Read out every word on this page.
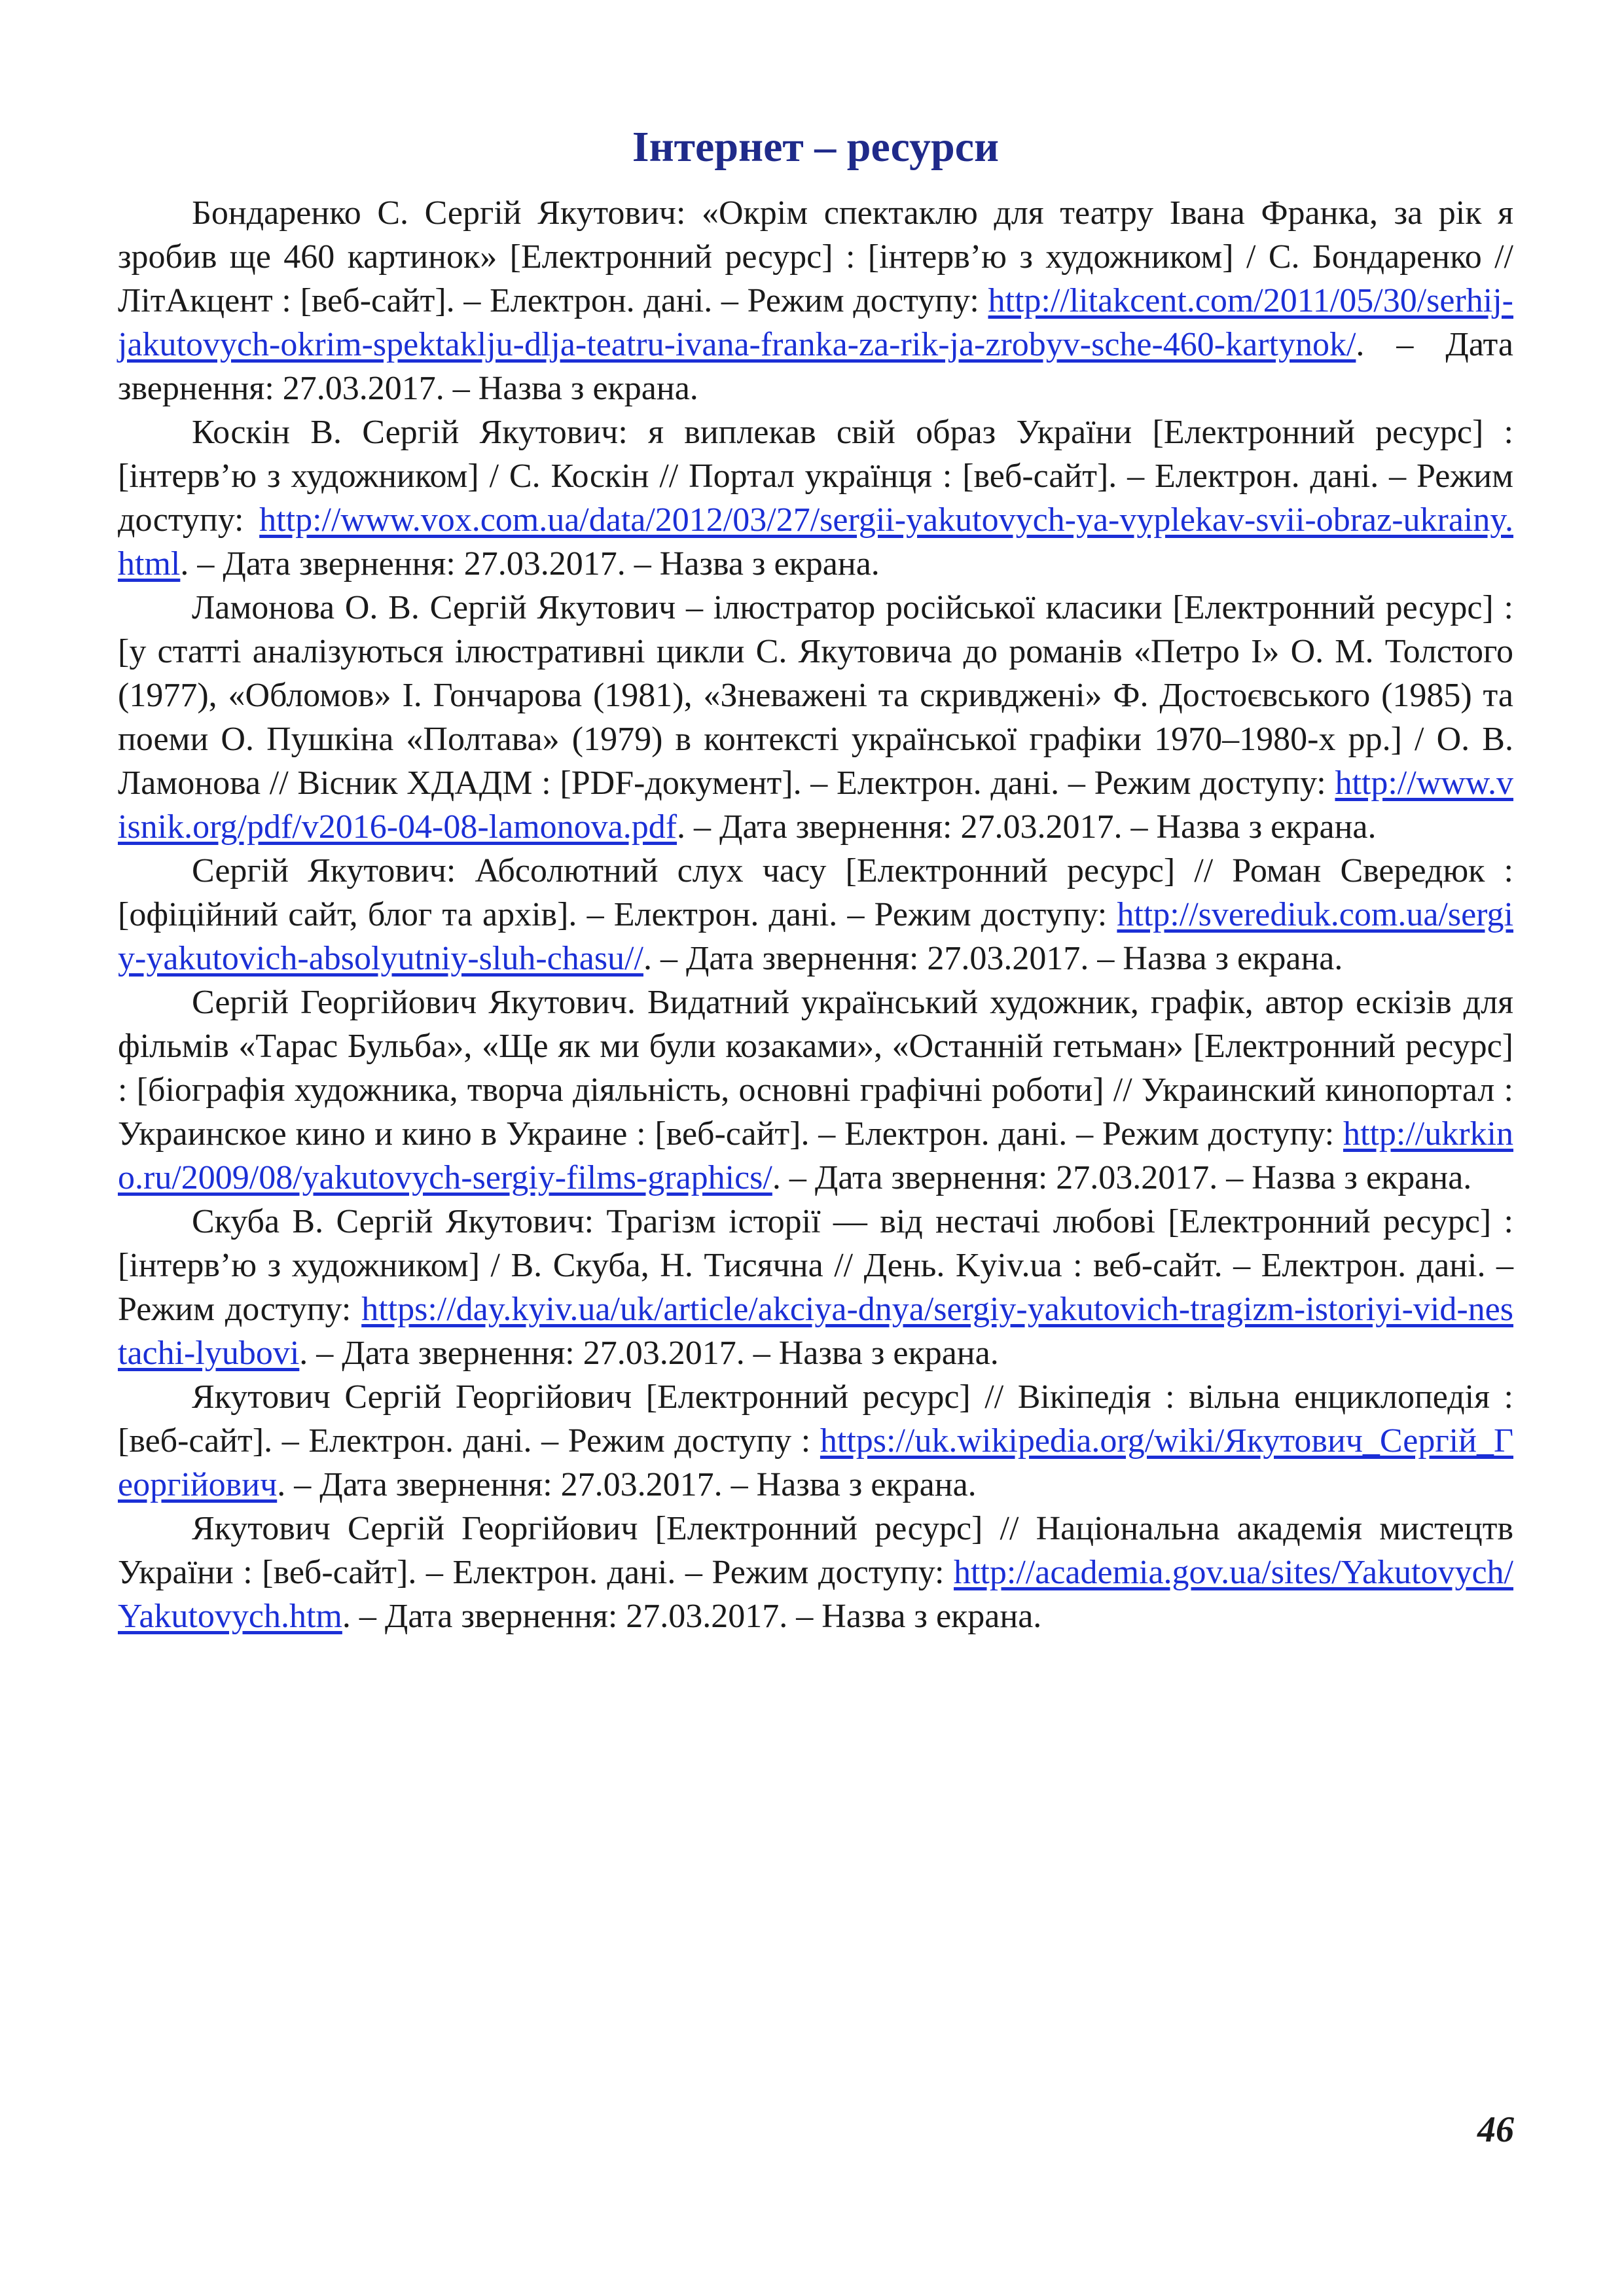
Інтернет – ресурси

Бондаренко С. Сергій Якутович: «Окрім спектаклю для театру Івана Франка, за рік я зробив ще 460 картинок» [Електронний ресурс] : [інтерв’ю з художником] / С. Бондаренко // ЛітАкцент : [веб-сайт]. – Електрон. дані. – Режим доступу: http://litakcent.com/2011/05/30/serhij-jakutovych-okrim-spektaklju-dlja-teatru-ivana-franka-za-rik-ja-zrobyv-sche-460-kartynok/. – Дата звернення: 27.03.2017. – Назва з екрана.

Коскін В. Сергій Якутович: я виплекав свій образ України [Електронний ресурс] : [інтерв’ю з художником] / С. Коскін // Портал українця : [веб-сайт]. – Електрон. дані. – Режим доступу: http://www.vox.com.ua/data/2012/03/27/sergii-yakutovych-ya-vyplekav-svii-obraz-ukrainy.html. – Дата звернення: 27.03.2017. – Назва з екрана.

Ламонова О. В. Сергій Якутович – ілюстратор російської класики [Електронний ресурс] : [у статті аналізуються ілюстративні цикли С. Якутовича до романів «Петро І» О. М. Толстого (1977), «Обломов» І. Гончарова (1981), «Зневажені та скривджені» Ф. Достоєвського (1985) та поеми О. Пушкіна «Полтава» (1979) в контексті української графіки 1970–1980-х рр.] / О. В. Ламонова // Вісник ХДАДМ : [PDF-документ]. – Електрон. дані. – Режим доступу: http://www.visnik.org/pdf/v2016-04-08-lamonova.pdf. – Дата звернення: 27.03.2017. – Назва з екрана.

Сергій Якутович: Абсолютний слух часу [Електронний ресурс] // Роман Свередюк : [офіційний сайт, блог та архів]. – Електрон. дані. – Режим доступу: http://sverediuk.com.ua/sergiy-yakutovich-absolyutniy-sluh-chasu//. – Дата звернення: 27.03.2017. – Назва з екрана.

Сергій Георгійович Якутович. Видатний український художник, графік, автор ескізів для фільмів «Тарас Бульба», «Ще як ми були козаками», «Останній гетьман» [Електронний ресурс] : [біографія художника, творча діяльність, основні графічні роботи] // Украинский кинопортал : Украинское кино и кино в Украине : [веб-сайт]. – Електрон. дані. – Режим доступу: http://ukrkino.ru/2009/08/yakutovych-sergiy-films-graphics/. – Дата звернення: 27.03.2017. – Назва з екрана.

Скуба В. Сергій Якутович: Трагізм історії — від нестачі любові [Електронний ресурс] : [інтерв’ю з художником] / В. Скуба, Н. Тисячна // День. Kyiv.ua : веб-сайт. – Електрон. дані. – Режим доступу: https://day.kyiv.ua/uk/article/akciya-dnya/sergiy-yakutovich-tragizm-istoriyi-vid-nestachi-lyubovi. – Дата звернення: 27.03.2017. – Назва з екрана.

Якутович Сергій Георгійович [Електронний ресурс] // Вікіпедія : вільна енциклопедія : [веб-сайт]. – Електрон. дані. – Режим доступу : https://uk.wikipedia.org/wiki/Якутович_Сергій_Георгійович. – Дата звернення: 27.03.2017. – Назва з екрана.

Якутович Сергій Георгійович [Електронний ресурс] // Національна академія мистецтв України : [веб-сайт]. – Електрон. дані. – Режим доступу: http://academia.gov.ua/sites/Yakutovych/Yakutovych.htm. – Дата звернення: 27.03.2017. – Назва з екрана.

46
